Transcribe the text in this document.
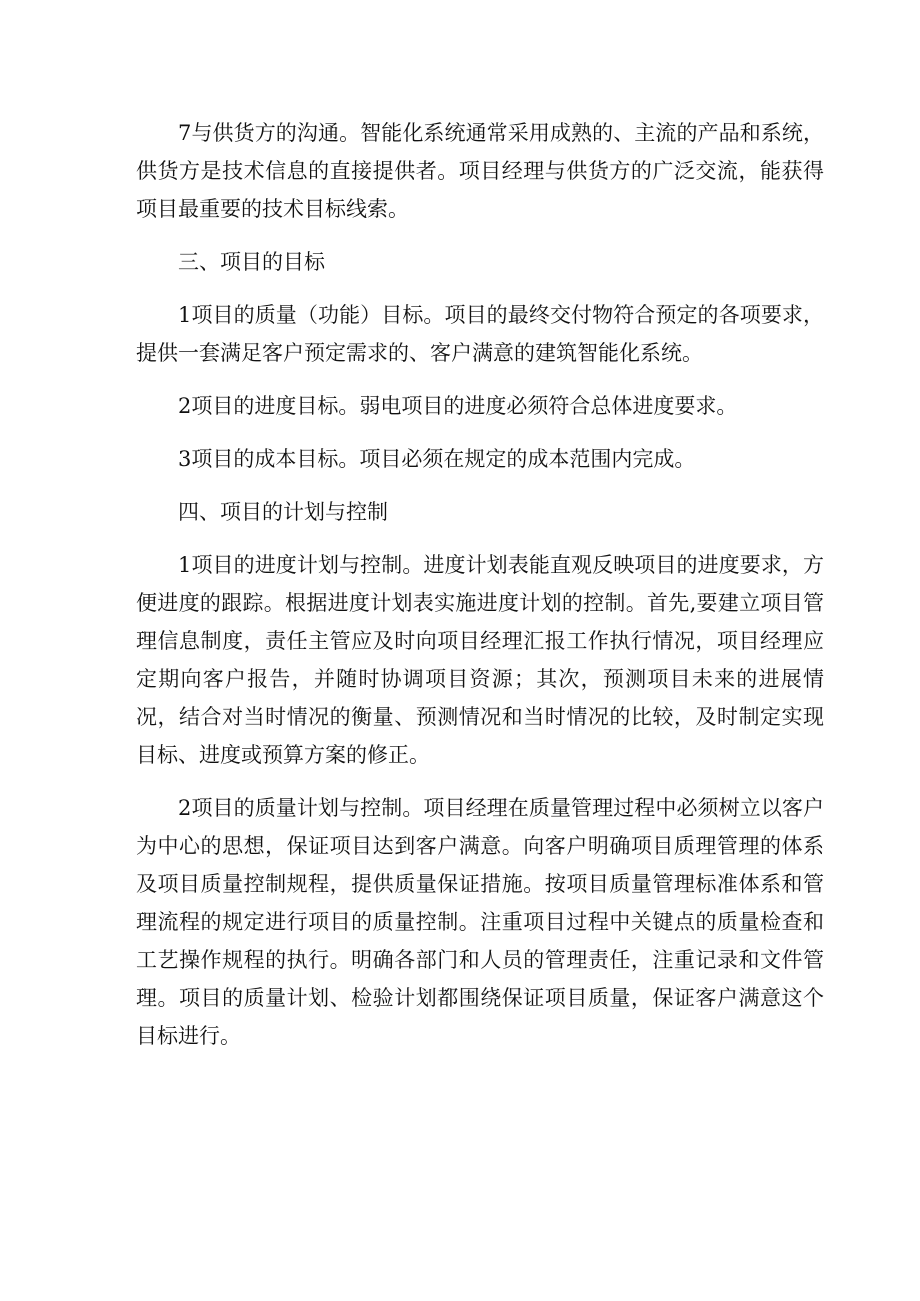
7与供货方的沟通。智能化系统通常采用成熟的、主流的产品和系统，供货方是技术信息的直接提供者。项目经理与供货方的广泛交流，能获得项目最重要的技术目标线索。

三、项目的目标

1项目的质量（功能）目标。项目的最终交付物符合预定的各项要求，提供一套满足客户预定需求的、客户满意的建筑智能化系统。

2项目的进度目标。弱电项目的进度必须符合总体进度要求。

3项目的成本目标。项目必须在规定的成本范围内完成。

四、项目的计划与控制

1项目的进度计划与控制。进度计划表能直观反映项目的进度要求，方便进度的跟踪。根据进度计划表实施进度计划的控制。首先,要建立项目管理信息制度，责任主管应及时向项目经理汇报工作执行情况，项目经理应定期向客户报告，并随时协调项目资源；其次，预测项目未来的进展情况，结合对当时情况的衡量、预测情况和当时情况的比较，及时制定实现目标、进度或预算方案的修正。

2项目的质量计划与控制。项目经理在质量管理过程中必须树立以客户为中心的思想，保证项目达到客户满意。向客户明确项目质理管理的体系及项目质量控制规程，提供质量保证措施。按项目质量管理标准体系和管理流程的规定进行项目的质量控制。注重项目过程中关键点的质量检查和工艺操作规程的执行。明确各部门和人员的管理责任，注重记录和文件管理。项目的质量计划、检验计划都围绕保证项目质量，保证客户满意这个目标进行。
